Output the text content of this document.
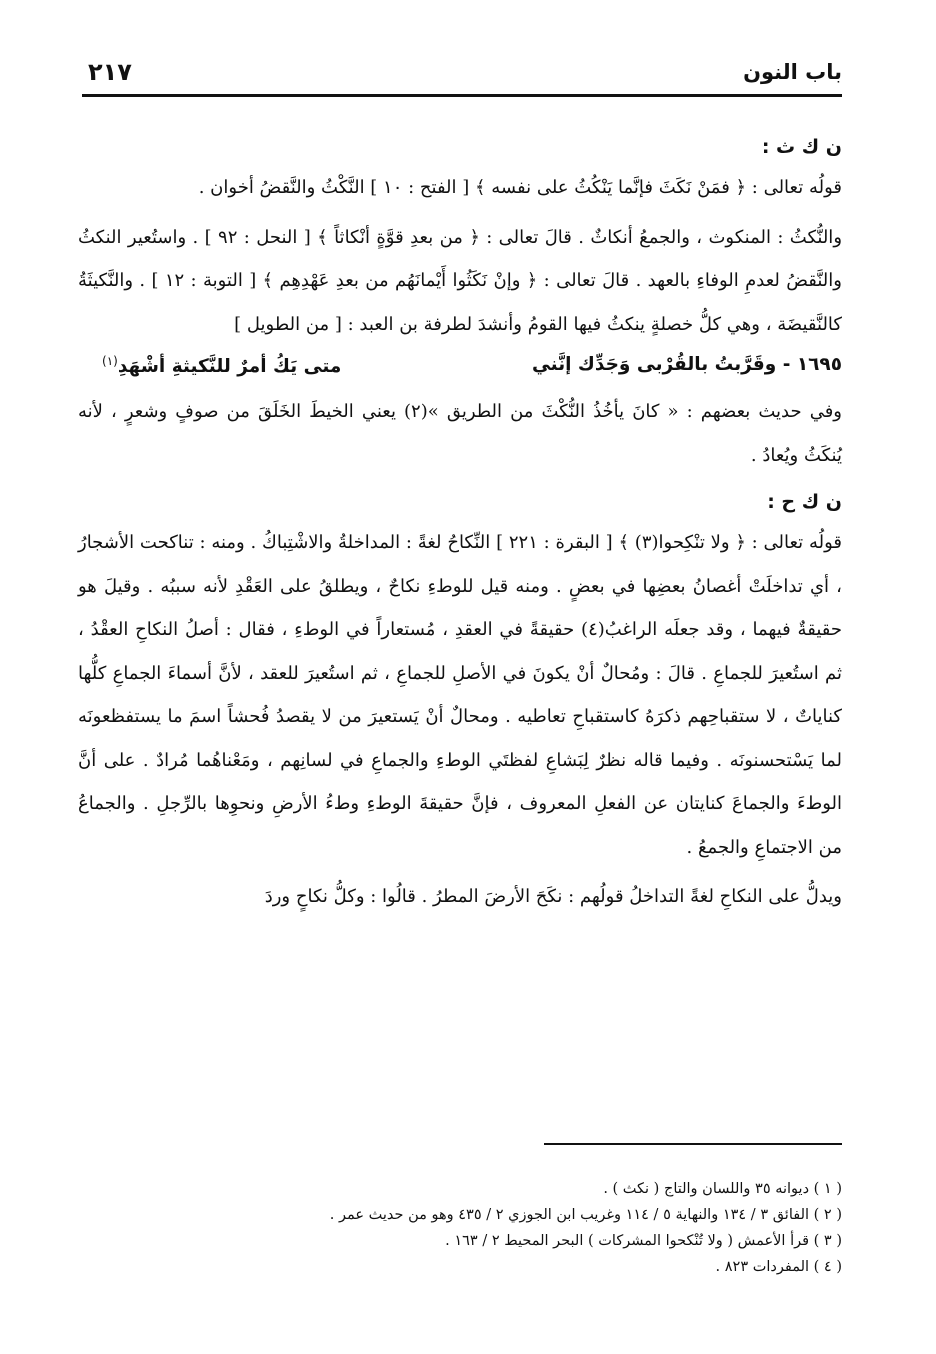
باب النون
٢١٧
ن ك ث :

قولُه تعالى : ﴿ فمَنْ نَكَثَ فإنَّما يَنْكُثُ على نفسه ﴾ [ الفتح : ١٠ ] النَّكْثُ والنَّقضُ أخوان .

والنُّكثُ : المنكوث ، والجمعُ أنكاثٌ . قالَ تعالى : ﴿ من بعدِ قوَّةٍ أنْكاثاً ﴾ [ النحل : ٩٢ ] . واستُعير النكثُ والنَّقضُ لعدمِ الوفاءِ بالعهد . قالَ تعالى : ﴿ وإنْ نَكَثُوا أَيْمانَهُم من بعدِ عَهْدِهِم ﴾ [ التوبة : ١٢ ] . والنَّكيثَةُ كالنَّقيضَة ، وهي كلُّ خصلةٍ ينكثُ فيها القومُ وأنشدَ لطرفة بن العبد : [ من الطويل ]

١٦٩٥ - وقَرَّبتُ بالقُرْبى وَجَدِّك إنَّني
متى يَكُ أمرٌ للنَّكيثةِ أشْهَدِ$^{(١)}$

وفي حديث بعضهم : « كانَ يأخُذُ النُّكْثَ من الطريق »(٢) يعني الخيطَ الخَلَقَ من صوفٍ وشعرٍ ، لأنه يُنكَثُ ويُعادُ .

ن ك ح :

قولُه تعالى : ﴿ ولا تنْكِحوا(٣) ﴾ [ البقرة : ٢٢١ ] النِّكاحُ لغةً : المداخلةُ والاشْتِباكُ . ومنه : تناكحت الأشجارُ ، أي تداخلَتْ أغصانُ بعضِها في بعضٍ . ومنه قيل للوطءِ نكاحٌ ، ويطلقُ على العَقْدِ لأنه سببُه . وقيلَ هو حقيقةٌ فيهما ، وقد جعلَه الراغبُ(٤) حقيقةً في العقدِ ، مُستعاراً في الوطءِ ، فقال : أصلُ النكاحِ العقْدُ ، ثم استُعيرَ للجماعِ . قالَ : ومُحالٌ أنْ يكونَ في الأصلِ للجماعِ ، ثم استُعيرَ للعقد ، لأنَّ أسماءَ الجماعِ كلُّها كناياتٌ ، لا ستقباحِهم ذكرَهُ كاستقباحِ تعاطيه . ومحالٌ أنْ يَستعيرَ من لا يقصدُ فُحشاً اسمَ ما يستفظعونَه لما يَسْتحسنونَه . وفيما قاله نظرٌ لِبَشاعِ لفظتَي الوطءِ والجماعِ في لسانِهم ، ومَعْناهُما مُرادٌ . على أنَّ الوطءَ والجماعَ كنايتان عن الفعلِ المعروف ، فإنَّ حقيقةَ الوطءِ وطءُ الأرضِ ونحوِها بالرِّجلِ . والجماعُ من الاجتماعِ والجمعُ .

ويدلُّ على النكاحِ لغةً التداخلُ قولُهم : نكَحَ الأرضَ المطرُ . قالُوا : وكلُّ نكاحٍ وردَ

( ١ ) ديوانه ٣٥ واللسان والتاج ( نكث ) .
( ٢ ) الفائق ٣ / ١٣٤ والنهاية ٥ / ١١٤ وغريب ابن الجوزي ٢ / ٤٣٥ وهو من حديث عمر .
( ٣ ) قرأ الأعمش ( ولا تُنْكحوا المشركات ) البحر المحيط ٢ / ١٦٣ .
( ٤ ) المفردات ٨٢٣ .
